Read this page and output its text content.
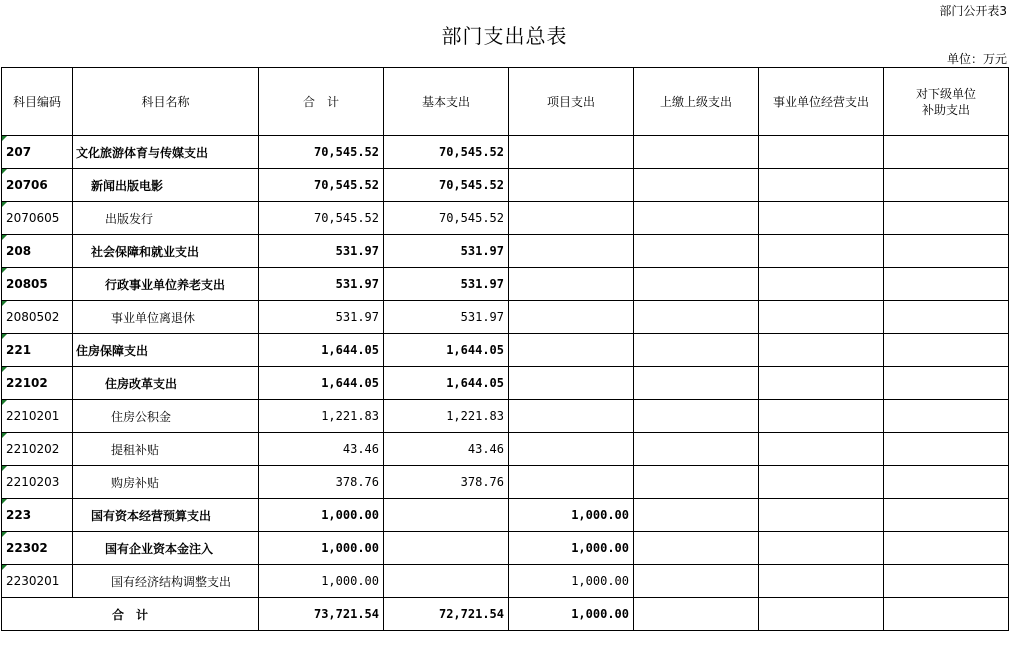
部门公开表3
部门支出总表
单位：万元
科目编码	科目名称	合　计	基本支出	项目支出	上缴上级支出	事业单位经营支出	对下级单位
补助支出
207	文化旅游体育与传媒支出	70,545.52	70,545.52				
20706	新闻出版电影	70,545.52	70,545.52				
2070605	出版发行	70,545.52	70,545.52				
208	社会保障和就业支出	531.97	531.97				
20805	行政事业单位养老支出	531.97	531.97				
2080502	事业单位离退休	531.97	531.97				
221	住房保障支出	1,644.05	1,644.05				
22102	住房改革支出	1,644.05	1,644.05				
2210201	住房公积金	1,221.83	1,221.83				
2210202	提租补贴	43.46	43.46				
2210203	购房补贴	378.76	378.76				
223	国有资本经营预算支出	1,000.00		1,000.00			
22302	国有企业资本金注入	1,000.00		1,000.00			
2230201	国有经济结构调整支出	1,000.00		1,000.00			
合　计		73,721.54	72,721.54	1,000.00			
